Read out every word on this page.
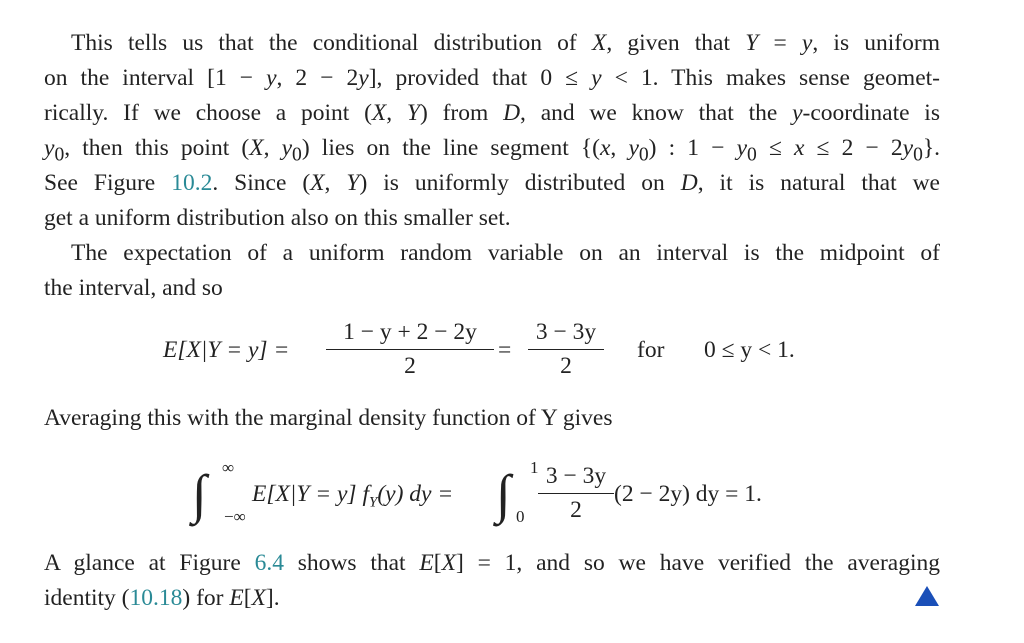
This tells us that the conditional distribution of X, given that Y = y, is uniform
on the interval [1 − y, 2 − 2y], provided that 0 ≤ y < 1. This makes sense geomet-
rically. If we choose a point (X, Y) from D, and we know that the y-coordinate is
$y_0$, then this point (X, $y_0$) lies on the line segment {(x, $y_0$) : $1 - y_0 \le x \le 2 - 2y_0$}.
See Figure 10.2. Since (X, Y) is uniformly distributed on D, it is natural that we
get a uniform distribution also on this smaller set.
The expectation of a uniform random variable on an interval is the midpoint of
the interval, and so
E[X|Y = y] =
1 − y + 2 − 2y
2
=
3 − 3y
2
for 0 ≤ y < 1.
Averaging this with the marginal density function of Y gives
∫ ∞
−∞
E[X|Y = y] $f_Y(y)$ dy = ∫ 1
0
3 − 3y
2
(2 − 2y) dy = 1.
A glance at Figure 6.4 shows that E[X] = 1, and so we have verified the averaging
identity (10.18) for E[X].
